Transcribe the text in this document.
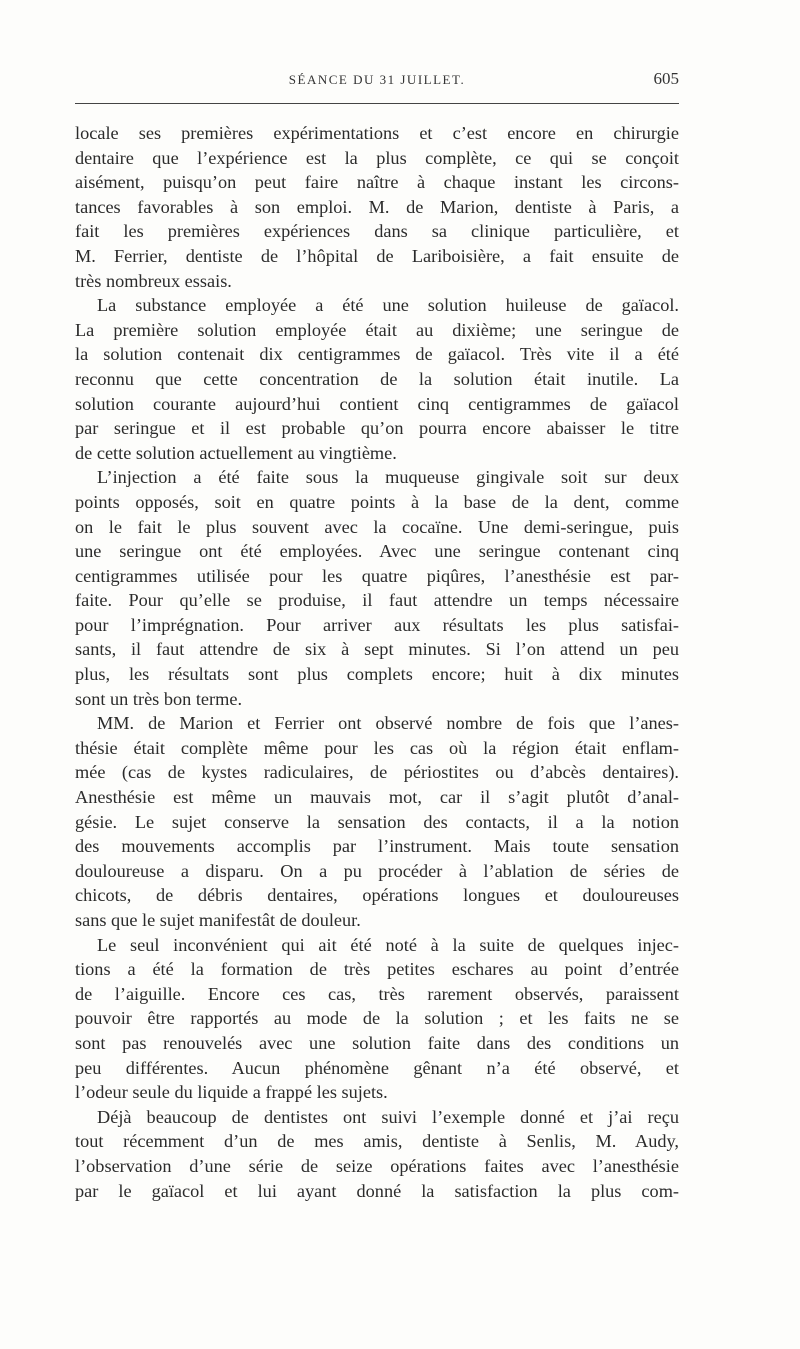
SÉANCE DU 31 JUILLET.	605
locale ses premières expérimentations et c’est encore en chirurgie
dentaire que l’expérience est la plus complète, ce qui se conçoit
aisément, puisqu’on peut faire naître à chaque instant les circons-
tances favorables à son emploi. M. de Marion, dentiste à Paris, a
fait les premières expériences dans sa clinique particulière, et
M. Ferrier, dentiste de l’hôpital de Lariboisière, a fait ensuite de
très nombreux essais.
La substance employée a été une solution huileuse de gaïacol.
La première solution employée était au dixième; une seringue de
la solution contenait dix centigrammes de gaïacol. Très vite il a été
reconnu que cette concentration de la solution était inutile. La
solution courante aujourd’hui contient cinq centigrammes de gaïacol
par seringue et il est probable qu’on pourra encore abaisser le titre
de cette solution actuellement au vingtième.
L’injection a été faite sous la muqueuse gingivale soit sur deux
points opposés, soit en quatre points à la base de la dent, comme
on le fait le plus souvent avec la cocaïne. Une demi-seringue, puis
une seringue ont été employées. Avec une seringue contenant cinq
centigrammes utilisée pour les quatre piqûres, l’anesthésie est par-
faite. Pour qu’elle se produise, il faut attendre un temps nécessaire
pour l’imprégnation. Pour arriver aux résultats les plus satisfai-
sants, il faut attendre de six à sept minutes. Si l’on attend un peu
plus, les résultats sont plus complets encore; huit à dix minutes
sont un très bon terme.
MM. de Marion et Ferrier ont observé nombre de fois que l’anes-
thésie était complète même pour les cas où la région était enflam-
mée (cas de kystes radiculaires, de périostites ou d’abcès dentaires).
Anesthésie est même un mauvais mot, car il s’agit plutôt d’anal-
gésie. Le sujet conserve la sensation des contacts, il a la notion
des mouvements accomplis par l’instrument. Mais toute sensation
douloureuse a disparu. On a pu procéder à l’ablation de séries de
chicots, de débris dentaires, opérations longues et douloureuses
sans que le sujet manifestât de douleur.
Le seul inconvénient qui ait été noté à la suite de quelques injec-
tions a été la formation de très petites eschares au point d’entrée
de l’aiguille. Encore ces cas, très rarement observés, paraissent
pouvoir être rapportés au mode de la solution ; et les faits ne se
sont pas renouvelés avec une solution faite dans des conditions un
peu différentes. Aucun phénomène gênant n’a été observé, et
l’odeur seule du liquide a frappé les sujets.
Déjà beaucoup de dentistes ont suivi l’exemple donné et j’ai reçu
tout récemment d’un de mes amis, dentiste à Senlis, M. Audy,
l’observation d’une série de seize opérations faites avec l’anesthésie
par le gaïacol et lui ayant donné la satisfaction la plus com-
